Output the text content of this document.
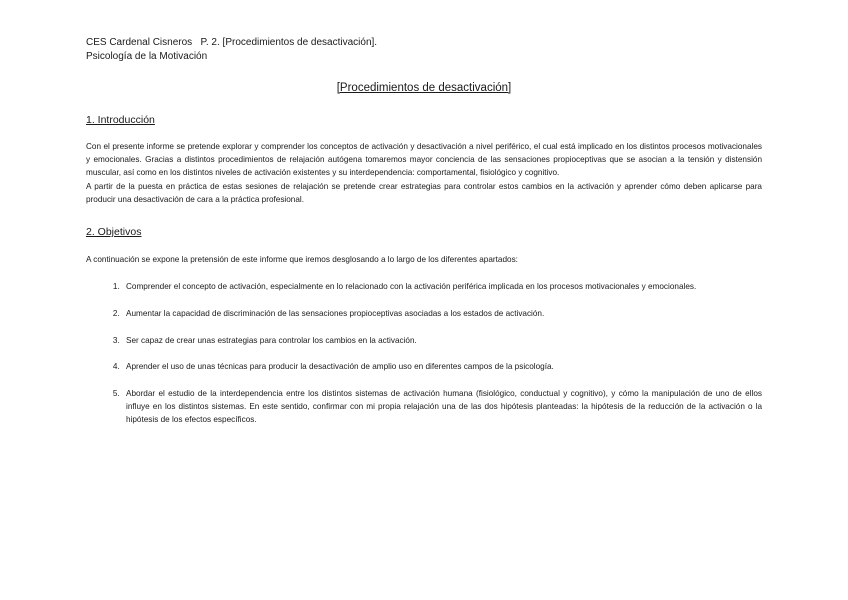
CES Cardenal Cisneros   P. 2. [Procedimientos de desactivación].
Psicología de la Motivación
[Procedimientos de desactivación]
1. Introducción

Con el presente informe se pretende explorar y comprender los conceptos de activación y desactivación a nivel periférico, el cual está implicado en los distintos procesos motivacionales y emocionales. Gracias a distintos procedimientos de relajación autógena tomaremos mayor conciencia de las sensaciones propioceptivas que se asocian a la tensión y distensión muscular, así como en los distintos niveles de activación existentes y su interdependencia: comportamental, fisiológico y cognitivo.

A partir de la puesta en práctica de estas sesiones de relajación se pretende crear estrategias para controlar estos cambios en la activación y aprender cómo deben aplicarse para producir una desactivación de cara a la práctica profesional.

2. Objetivos
A continuación se expone la pretensión de este informe que iremos desglosando a lo largo de los diferentes apartados:
1. Comprender el concepto de activación, especialmente en lo relacionado con la activación periférica implicada en los procesos motivacionales y emocionales.
2. Aumentar la capacidad de discriminación de las sensaciones propioceptivas asociadas a los estados de activación.
3. Ser capaz de crear unas estrategias para controlar los cambios en la activación.
4. Aprender el uso de unas técnicas para producir la desactivación de amplio uso en diferentes campos de la psicología.
5. Abordar el estudio de la interdependencia entre los distintos sistemas de activación humana (fisiológico, conductual y cognitivo), y cómo la manipulación de uno de ellos influye en los distintos sistemas. En este sentido, confirmar con mi propia relajación una de las dos hipótesis planteadas: la hipótesis de la reducción de la activación o la hipótesis de los efectos específicos.
